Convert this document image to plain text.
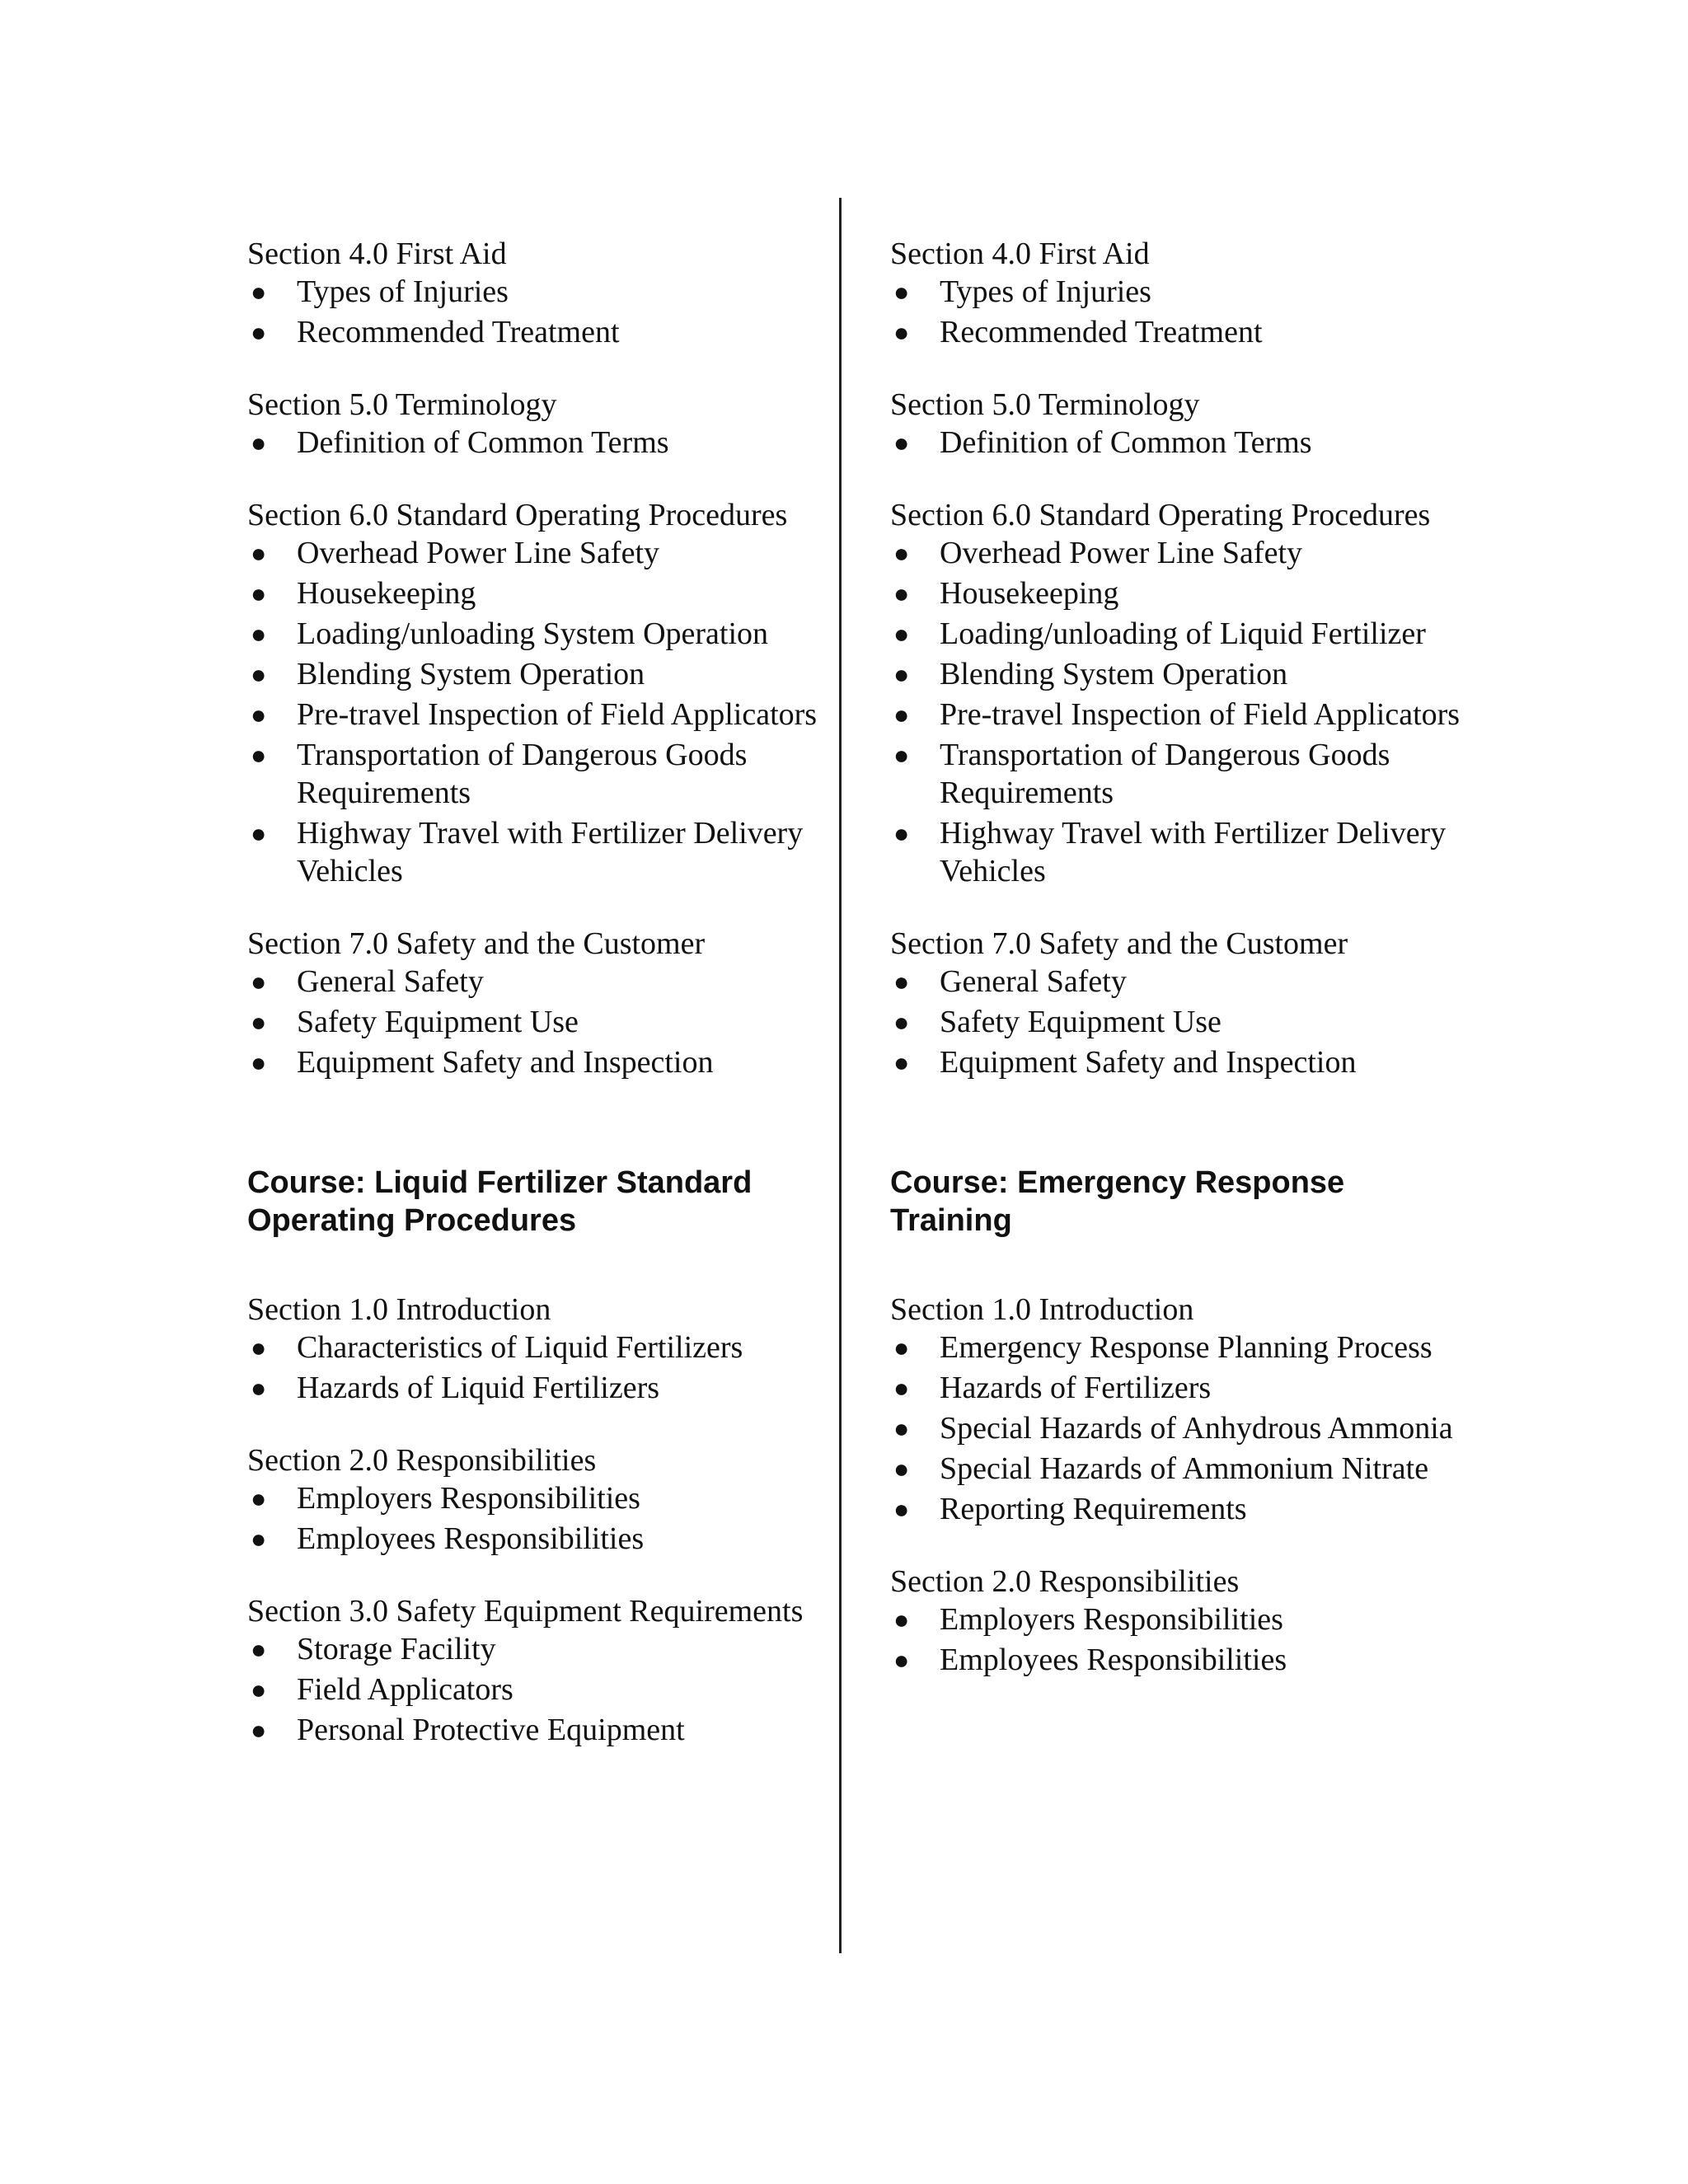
Section 4.0 First Aid

● Types of Injuries
● Recommended Treatment

Section 5.0 Terminology

● Definition of Common Terms

Section 6.0 Standard Operating Procedures

● Overhead Power Line Safety
● Housekeeping
● Loading/unloading System Operation
● Blending System Operation
● Pre-travel Inspection of Field Applicators
● Transportation of Dangerous Goods Requirements
● Highway Travel with Fertilizer Delivery Vehicles

Section 7.0 Safety and the Customer

● General Safety
● Safety Equipment Use
● Equipment Safety and Inspection
Course: Liquid Fertilizer Standard Operating Procedures

Section 1.0 Introduction

● Characteristics of Liquid Fertilizers
● Hazards of Liquid Fertilizers

Section 2.0 Responsibilities

● Employers Responsibilities
● Employees Responsibilities

Section 3.0 Safety Equipment Requirements

● Storage Facility
● Field Applicators
● Personal Protective Equipment

Section 4.0 First Aid

● Types of Injuries
● Recommended Treatment

Section 5.0 Terminology

● Definition of Common Terms

Section 6.0 Standard Operating Procedures

● Overhead Power Line Safety
● Housekeeping
● Loading/unloading of Liquid Fertilizer
● Blending System Operation
● Pre-travel Inspection of Field Applicators
● Transportation of Dangerous Goods Requirements
● Highway Travel with Fertilizer Delivery Vehicles

Section 7.0 Safety and the Customer

● General Safety
● Safety Equipment Use
● Equipment Safety and Inspection
Course: Emergency Response Training

Section 1.0 Introduction

● Emergency Response Planning Process
● Hazards of Fertilizers
● Special Hazards of Anhydrous Ammonia
● Special Hazards of Ammonium Nitrate
● Reporting Requirements

Section 2.0 Responsibilities

● Employers Responsibilities
● Employees Responsibilities
